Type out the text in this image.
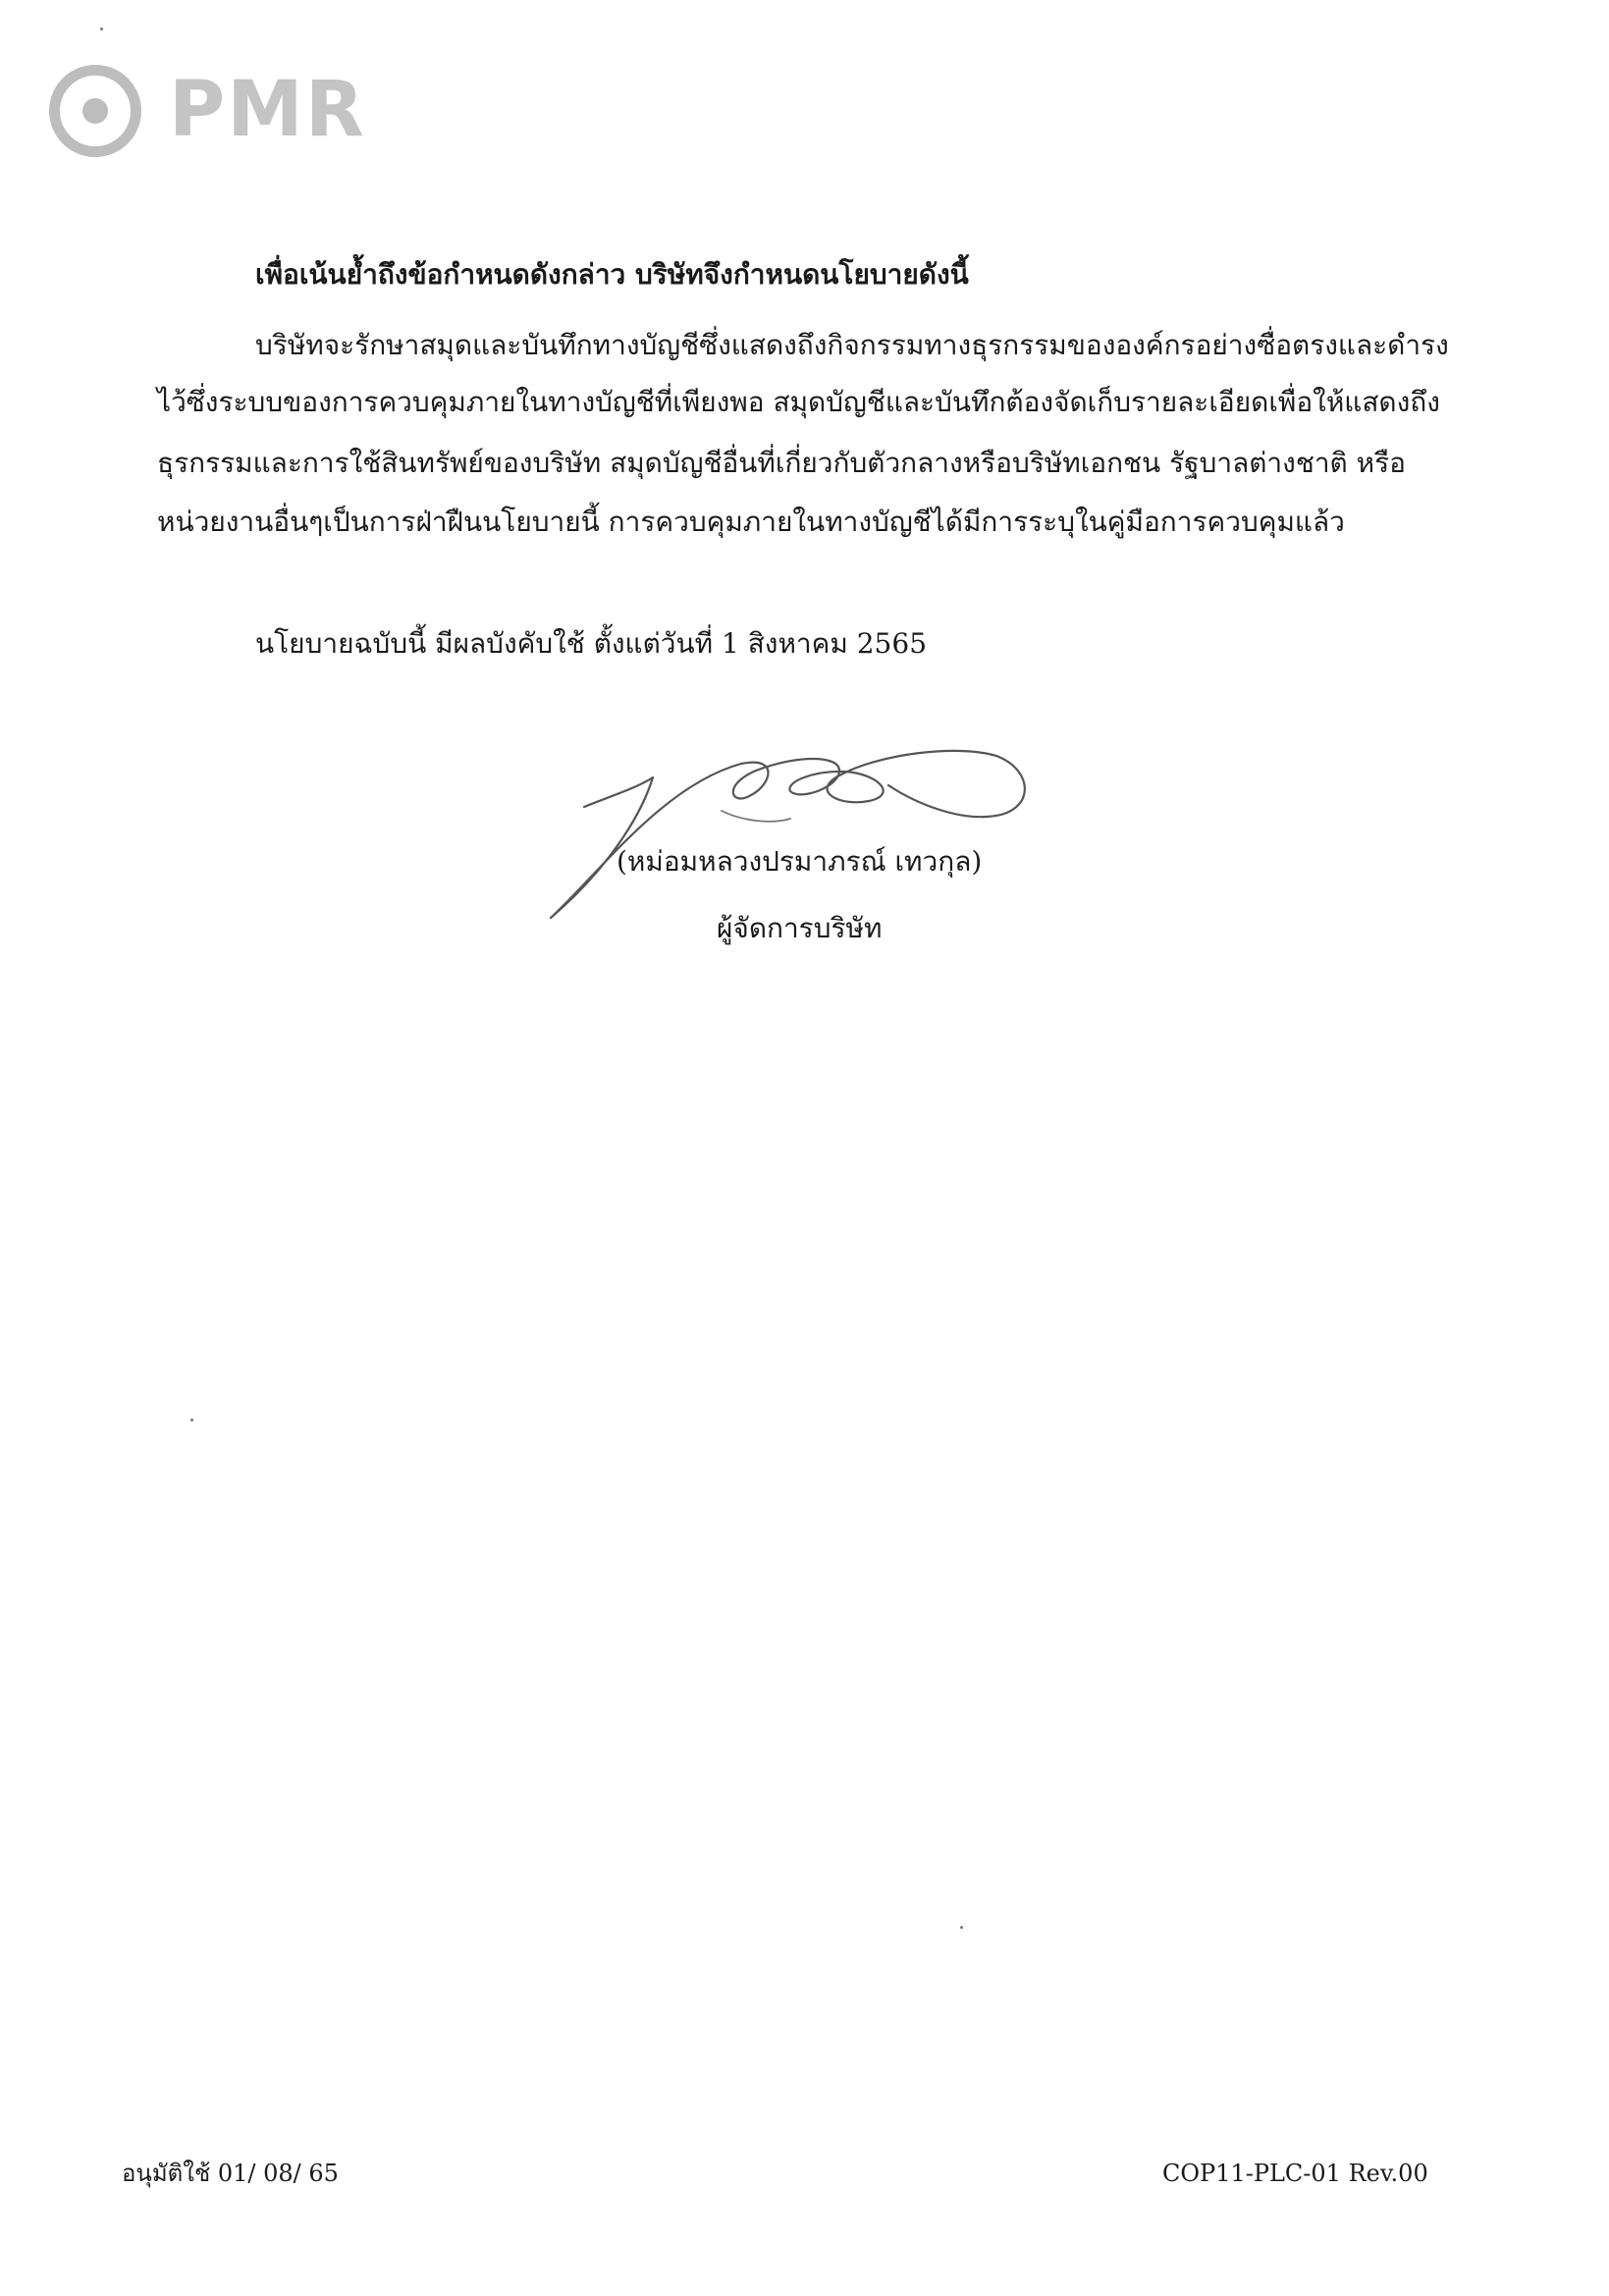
PMR
เพื่อเน้นย้ำถึงข้อกำหนดดังกล่าว บริษัทจึงกำหนดนโยบายดังนี้
บริษัทจะรักษาสมุดและบันทึกทางบัญชีซึ่งแสดงถึงกิจกรรมทางธุรกรรมขององค์กรอย่างซื่อตรงและดำรง
ไว้ซึ่งระบบของการควบคุมภายในทางบัญชีที่เพียงพอ สมุดบัญชีและบันทึกต้องจัดเก็บรายละเอียดเพื่อให้แสดงถึง
ธุรกรรมและการใช้สินทรัพย์ของบริษัท สมุดบัญชีอื่นที่เกี่ยวกับตัวกลางหรือบริษัทเอกชน รัฐบาลต่างชาติ หรือ
หน่วยงานอื่นๆเป็นการฝ่าฝืนนโยบายนี้ การควบคุมภายในทางบัญชีได้มีการระบุในคู่มือการควบคุมแล้ว
นโยบายฉบับนี้ มีผลบังคับใช้ ตั้งแต่วันที่ 1 สิงหาคม 2565
(หม่อมหลวงปรมาภรณ์ เทวกุล)
ผู้จัดการบริษัท
อนุมัติใช้ 01/ 08/ 65	COP11-PLC-01 Rev.00
